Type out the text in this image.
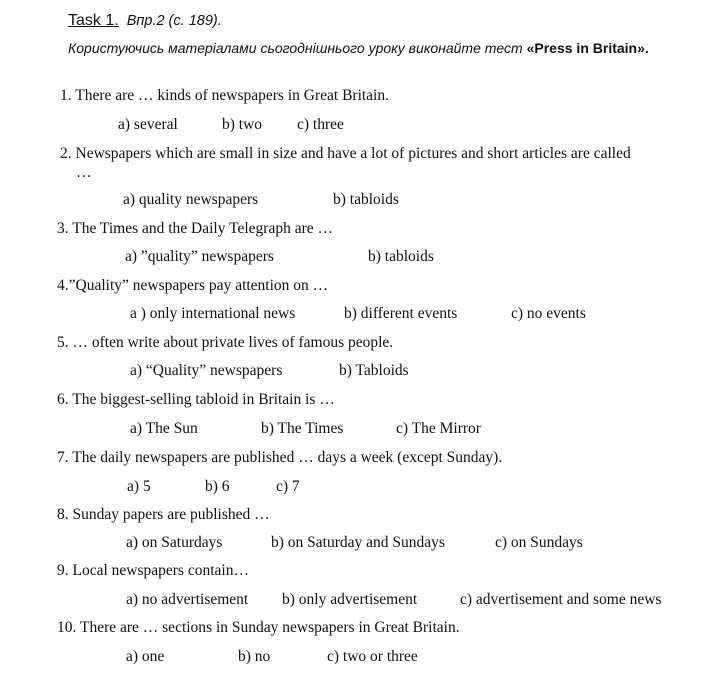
Task 1. Впр.2 (с. 189).
Користуючись матеріалами сьогоднішнього уроку виконайте тест «Press in Britain».
1. There are … kinds of newspapers in Great Britain.
a) several	b) two c) three
2. Newspapers which are small in size and have a lot of pictures and short articles are called
…
a) quality newspapers	b) tabloids
3. The Times and the Daily Telegraph are …
a) ”quality” newspapers	b) tabloids
4.”Quality” newspapers pay attention on …
a ) only international news	b) different events	c) no events
5. … often write about private lives of famous people.
a) “Quality” newspapers	b) Tabloids
6. The biggest-selling tabloid in Britain is …
a) The Sun	b) The Times	c) The Mirror
7. The daily newspapers are published … days a week (except Sunday).
a) 5	b) 6	c) 7
8. Sunday papers are published …
a) on Saturdays	b) on Saturday and Sundays	c) on Sundays
9. Local newspapers contain…
a) no advertisement b) only advertisement	c) advertisement and some news
10. There are … sections in Sunday newspapers in Great Britain.
a) one	b) no	c) two or three
